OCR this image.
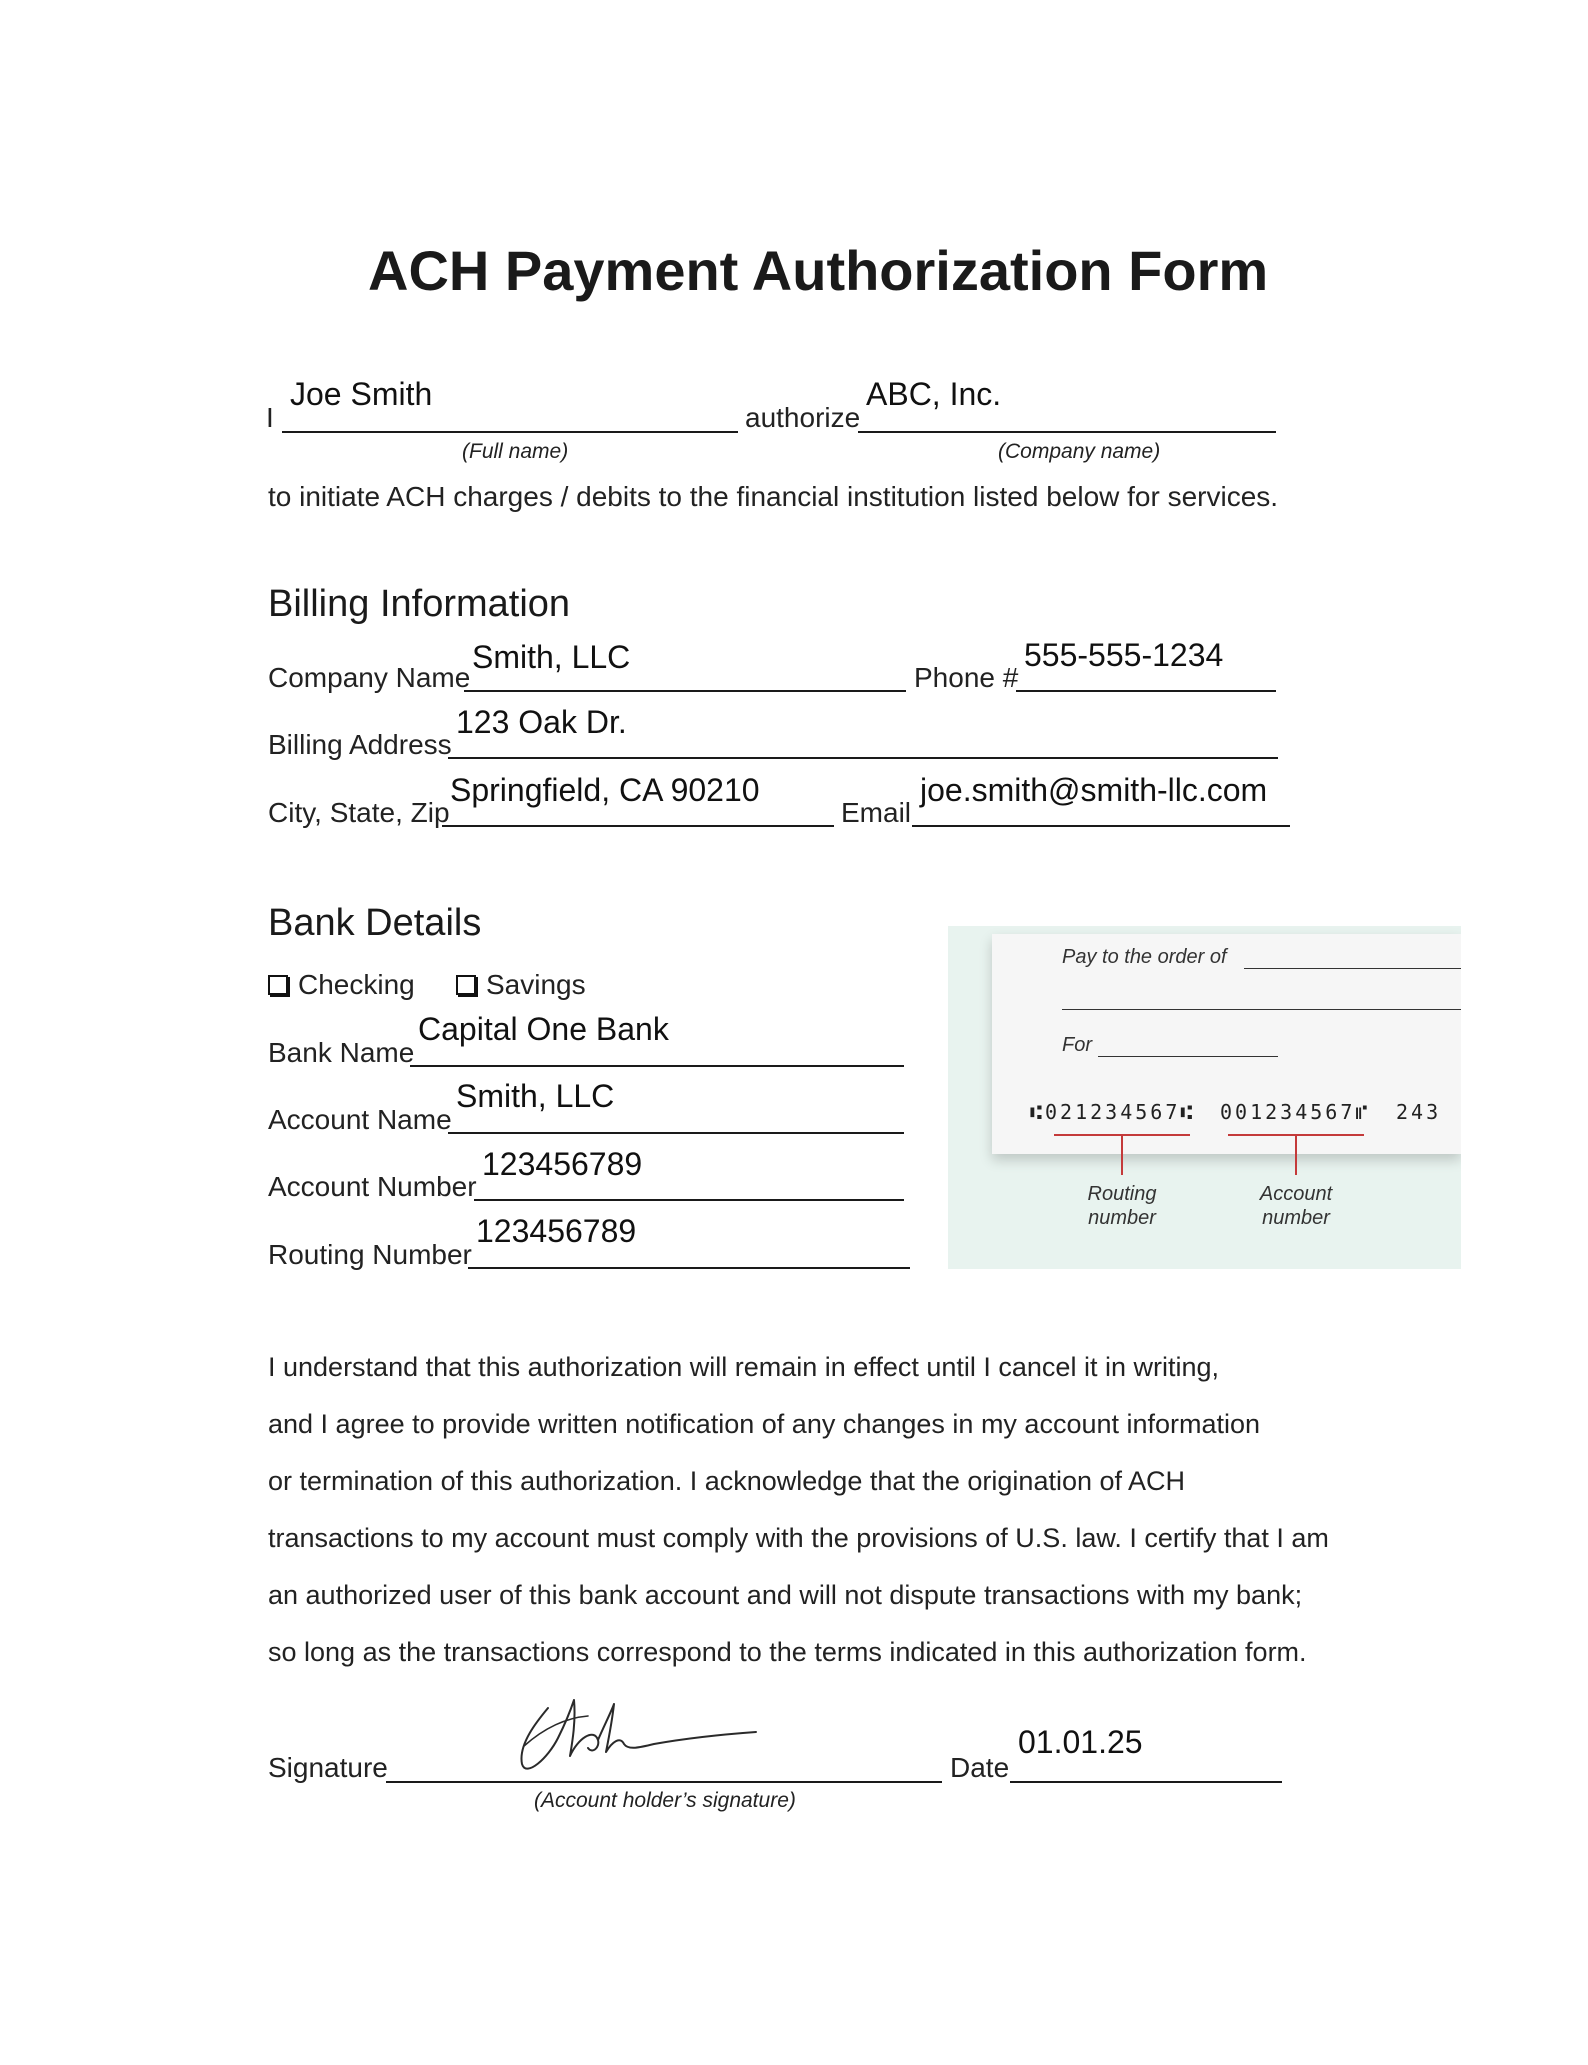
ACH Payment Authorization Form
I
Joe Smith
authorize
ABC, Inc.
(Full name)	(Company name)
to initiate ACH charges / debits to the financial institution listed below for services.
Billing Information
Company Name
Smith, LLC
Phone #
555-555-1234
Billing Address
123 Oak Dr.
City, State, Zip
Springfield, CA 90210
Email
joe.smith@smith-llc.com
Bank Details
Checking	Savings
Bank Name
Capital One Bank
Account Name
Smith, LLC
Account Number
123456789
Routing Number
123456789
Pay to the order of
For
⑆021234567⑆ 001234567⑈ 243
Routing
number
Account
number
I understand that this authorization will remain in effect until I cancel it in writing,
and I agree to provide written notification of any changes in my account information
or termination of this authorization. I acknowledge that the origination of ACH
transactions to my account must comply with the provisions of U.S. law. I certify that I am
an authorized user of this bank account and will not dispute transactions with my bank;
so long as the transactions correspond to the terms indicated in this authorization form.
Signature
(Account holder’s signature)
Date
01.01.25
